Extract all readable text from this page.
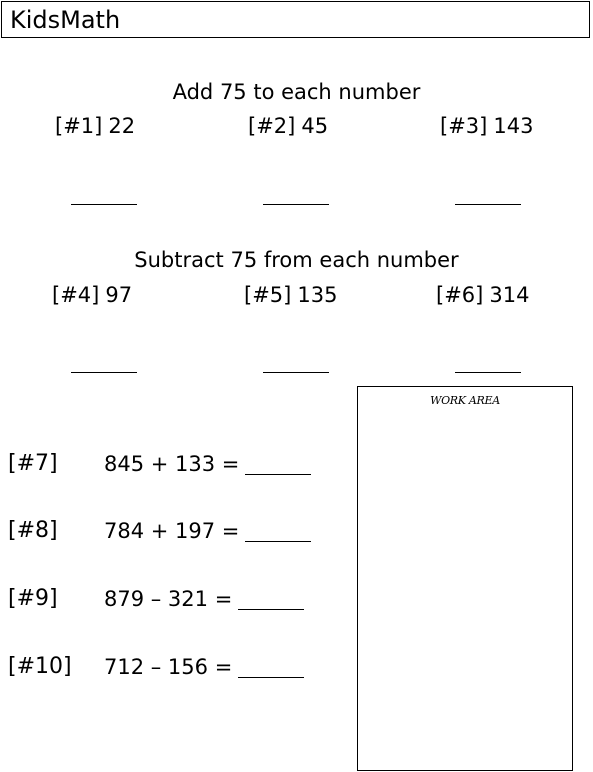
KidsMath
Add 75 to each number
[#1] 22	[#2] 45	[#3] 143
Subtract 75 from each number
[#4] 97	[#5] 135	[#6] 314
[#7] 845 + 133 =
[#8] 784 + 197 =
[#9] 879 – 321 =
[#10] 712 – 156 =
WORK AREA
